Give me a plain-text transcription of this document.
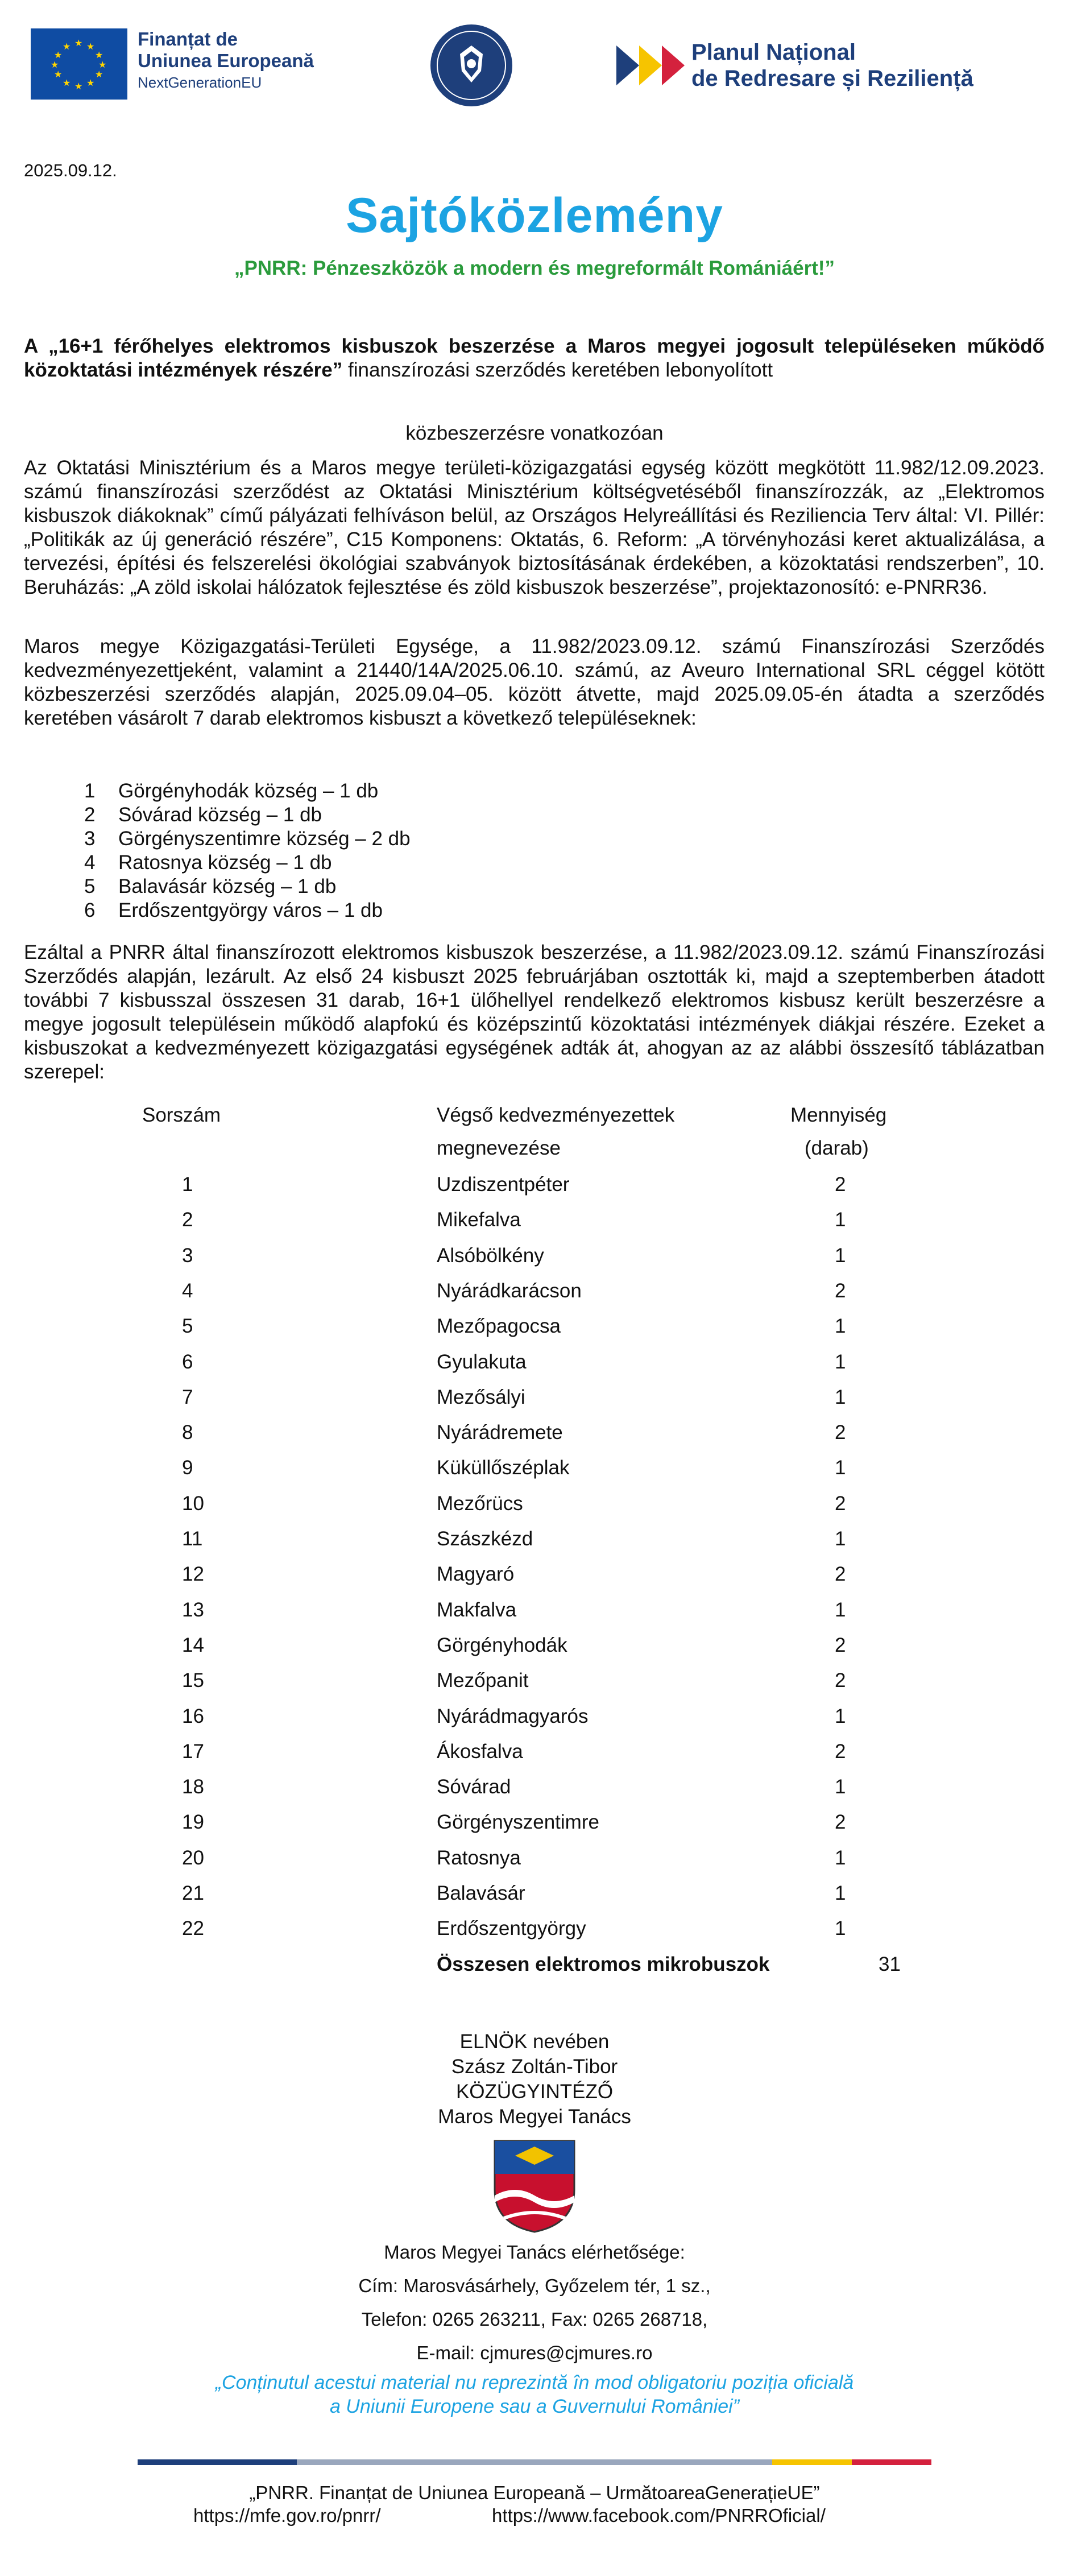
★ ★
★
★
★
★
★
★
★
★
★
★	Finanțat de
Uniunea Europeană
NextGenerationEU
Planul Național
de Redresare și Reziliență
2025.09.12.
Sajtóközlemény
„PNRR: Pénzeszközök a modern és megreformált Romániáért!”
A „16+1 férőhelyes elektromos kisbuszok beszerzése a Maros megyei jogosult településeken működő közoktatási intézmények részére” finanszírozási szerződés keretében lebonyolított
közbeszerzésre vonatkozóan
Az Oktatási Minisztérium és a Maros megye területi-közigazgatási egység között megkötött 11.982/12.09.2023. számú finanszírozási szerződést az Oktatási Minisztérium költségvetéséből finanszírozzák, az „Elektromos kisbuszok diákoknak” című pályázati felhíváson belül, az Országos Helyreállítási és Reziliencia Terv által: VI. Pillér: „Politikák az új generáció részére”, C15 Komponens: Oktatás, 6. Reform: „A törvényhozási keret aktualizálása, a tervezési, építési és felszerelési ökológiai szabványok biztosításának érdekében, a közoktatási rendszerben”, 10. Beruházás: „A zöld iskolai hálózatok fejlesztése és zöld kisbuszok beszerzése”, projektazonosító: e-PNRR36.
Maros megye Közigazgatási-Területi Egysége, a 11.982/2023.09.12. számú Finanszírozási Szerződés kedvezményezettjeként, valamint a 21440/14A/2025.06.10. számú, az Aveuro International SRL céggel kötött közbeszerzési szerződés alapján, 2025.09.04–05. között átvette, majd 2025.09.05-én átadta a szerződés keretében vásárolt 7 darab elektromos kisbuszt a következő településeknek:
1	Görgényhodák község – 1 db
2	Sóvárad község – 1 db
3	Görgényszentimre község – 2 db
4	Ratosnya község – 1 db
5	Balavásár község – 1 db
6	Erdőszentgyörgy város – 1 db
Ezáltal a PNRR által finanszírozott elektromos kisbuszok beszerzése, a 11.982/2023.09.12. számú Finanszírozási Szerződés alapján, lezárult. Az első 24 kisbuszt 2025 februárjában osztották ki, majd a szeptemberben átadott további 7 kisbusszal összesen 31 darab, 16+1 ülőhellyel rendelkező elektromos kisbusz került beszerzésre a megye jogosult településein működő alapfokú és középszintű közoktatási intézmények diákjai részére. Ezeket a kisbuszokat a kedvezményezett közigazgatási egységének adták át, ahogyan az az alábbi összesítő táblázatban szerepel:
Sorszám	Végső kedvezményezettek
megnevezése
Mennyiség
(darab)
1	Uzdiszentpéter	2
2	Mikefalva	1
3	Alsóbölkény	1
4	Nyárádkarácson	2
5	Mezőpagocsa	1
6	Gyulakuta	1
7	Mezősályi	1
8	Nyárádremete	2
9	Küküllőszéplak	1
10	Mezőrücs	2
11	Szászkézd	1
12	Magyaró	2
13	Makfalva	1
14	Görgényhodák	2
15	Mezőpanit	2
16	Nyárádmagyarós	1
17	Ákosfalva	2
18	Sóvárad	1
19	Görgényszentimre	2
20	Ratosnya	1
21	Balavásár	1
22	Erdőszentgyörgy	1
Összesen elektromos mikrobuszok	31
ELNÖK nevében
Szász Zoltán-Tibor
KÖZÜGYINTÉZŐ
Maros Megyei Tanács
Maros Megyei Tanács elérhetősége:
Cím: Marosvásárhely, Győzelem tér, 1 sz.,
Telefon: 0265 263211, Fax: 0265 268718,
E-mail: cjmures@cjmures.ro
„Conținutul acestui material nu reprezintă în mod obligatoriu poziția oficială
a Uniunii Europene sau a Guvernului României”
„PNRR. Finanțat de Uniunea Europeană – UrmătoareaGenerațieUE”
https://mfe.gov.ro/pnrr/	https://www.facebook.com/PNRROficial/
